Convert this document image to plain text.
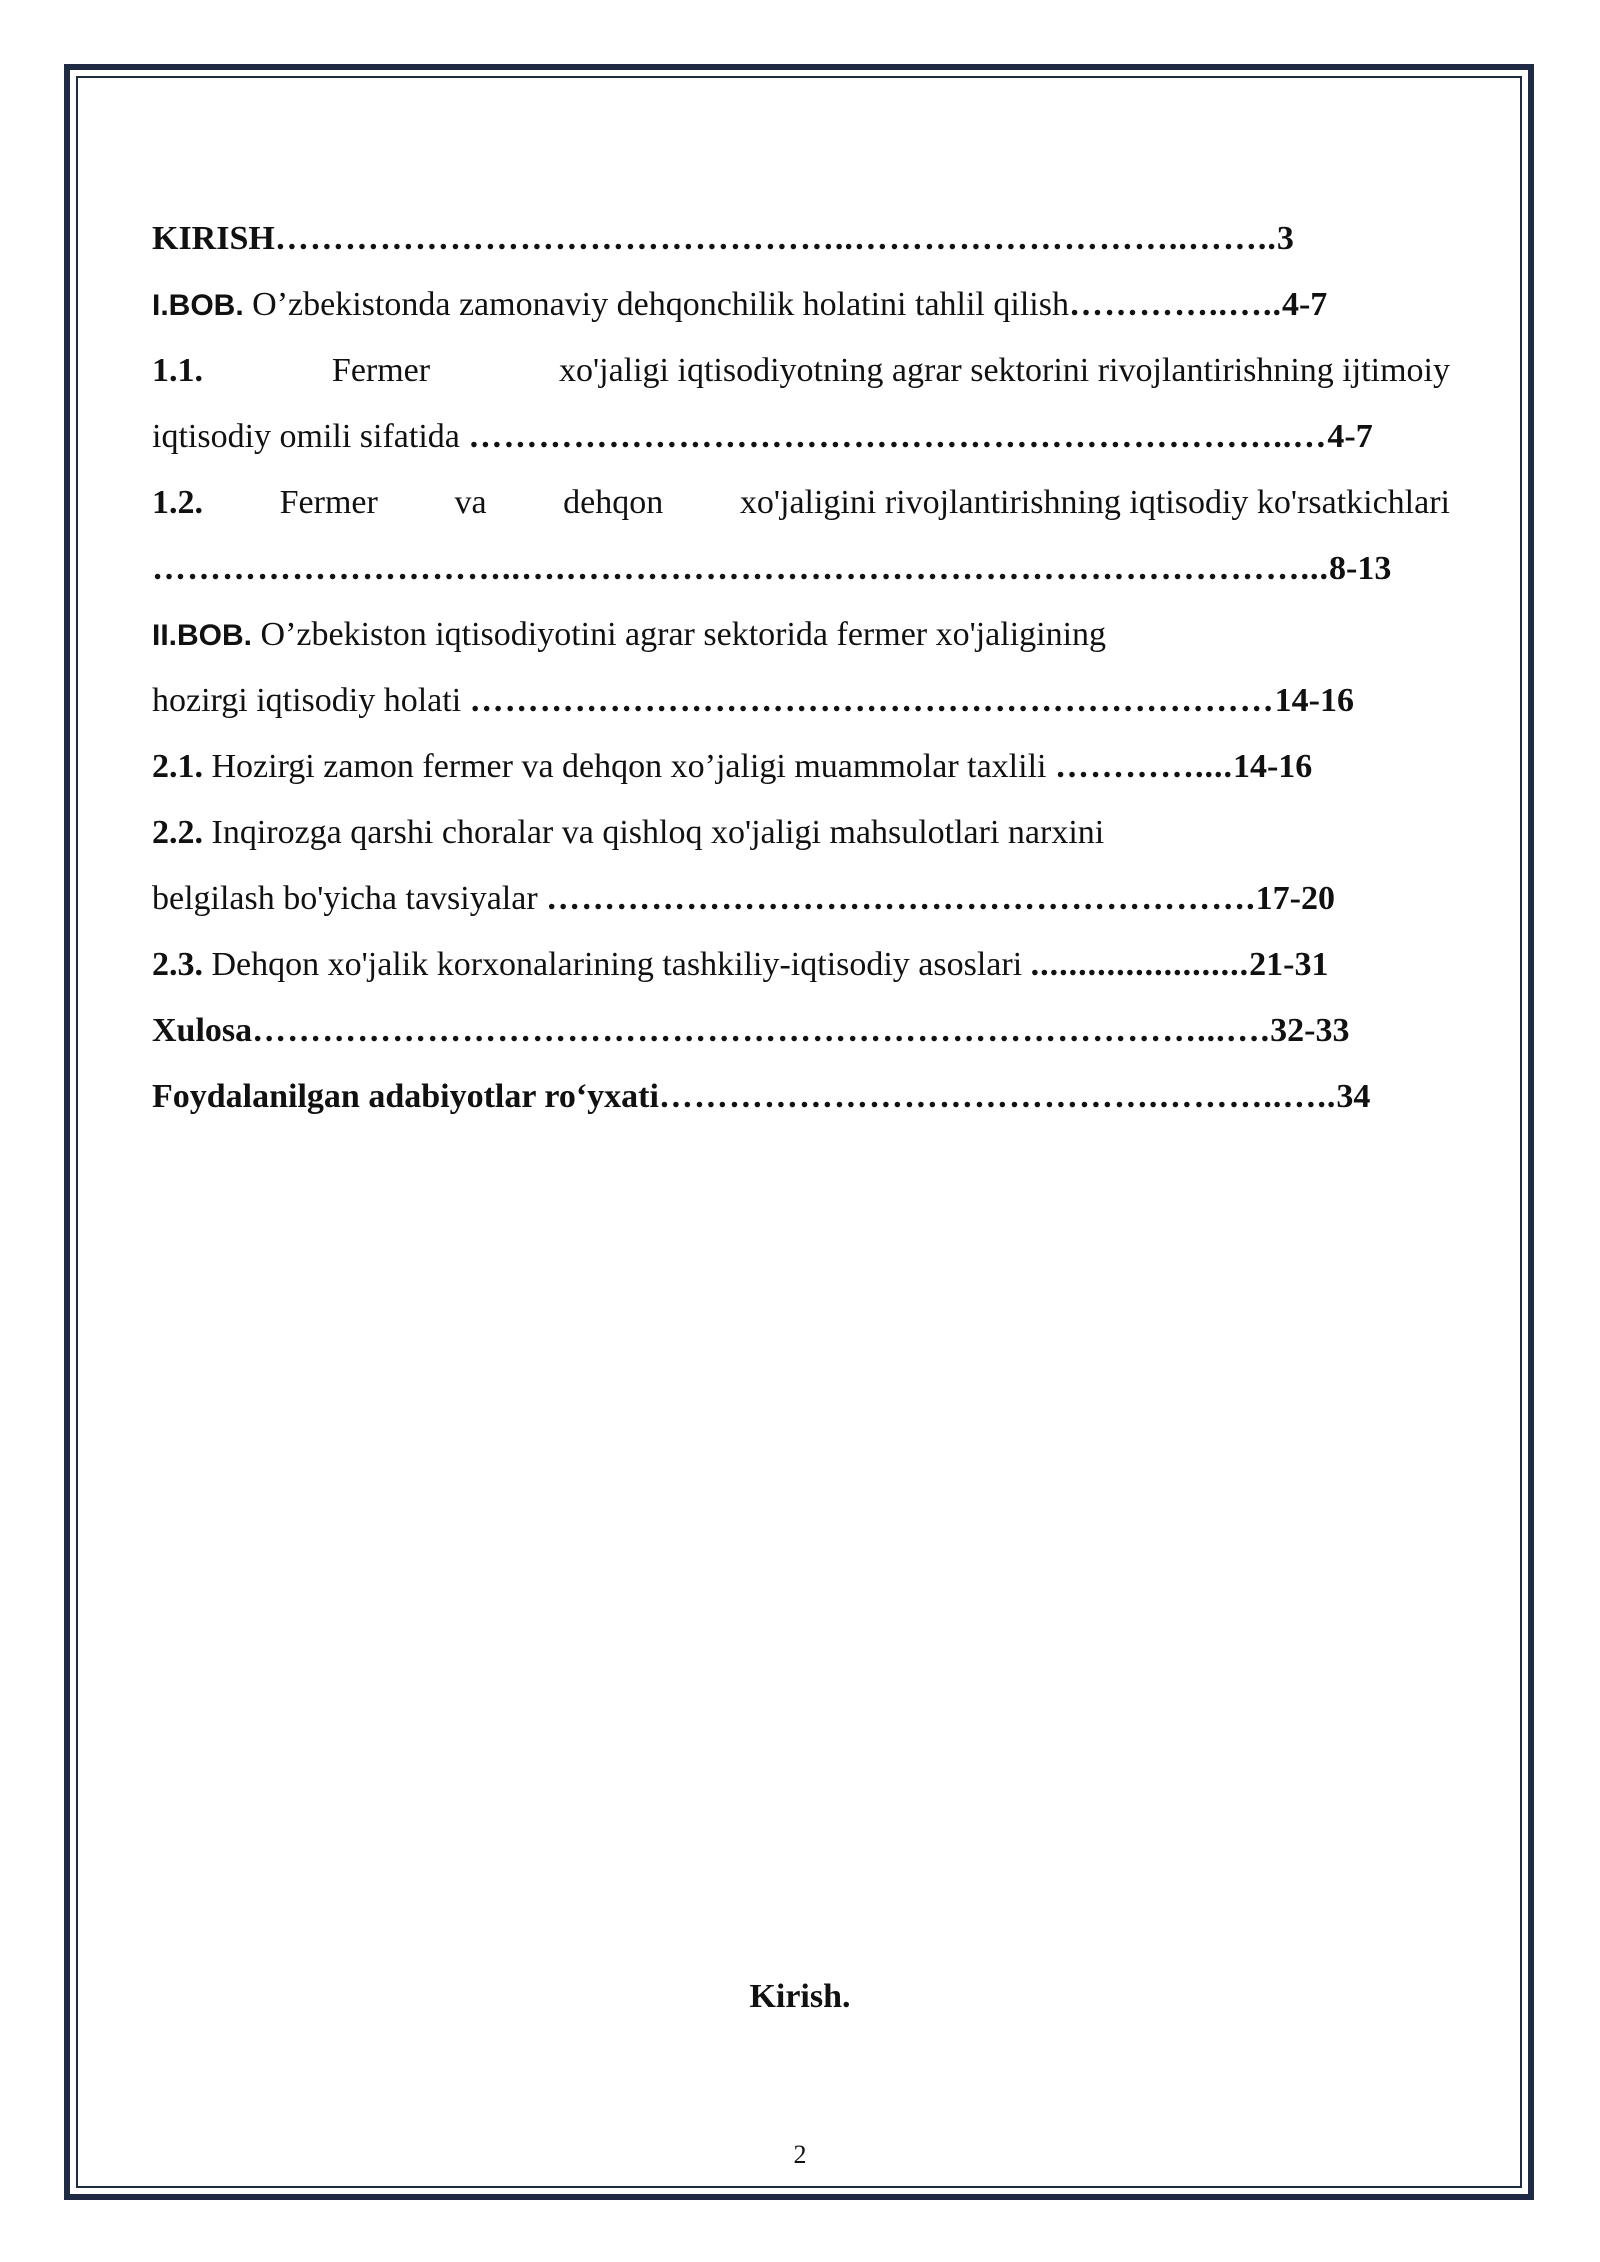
KIRISH…………………………………………..………………………..……..3
I.BOB. O’zbekistonda zamonaviy dehqonchilik holatini tahlil qilish…………..…..4-7
1.1.	Fermer	xo'jaligi iqtisodiyotning agrar sektorini rivojlantirishning ijtimoiy
iqtisodiy omili sifatida ……………………………………………………………..…4-7
1.2. Fermer va dehqon xo'jaligini rivojlantirishning iqtisodiy ko'rsatkichlari
…………………………..….………………………………………………………...8-13
II.BOB. O’zbekiston iqtisodiyotini agrar sektorida fermer xo'jaligining
hozirgi iqtisodiy holati ……………………………………………………………14-16
2.1. Hozirgi zamon fermer va dehqon xo’jaligi muammolar taxlili …………....14-16
2.2. Inqirozga qarshi choralar va qishloq xo'jaligi mahsulotlari narxini
belgilash bo'yicha tavsiyalar …………………………………………………….17-20
2.3. Dehqon xo'jalik korxonalarining tashkiliy-iqtisodiy asoslari .......................21-31
Xulosa………………………………………………………………………...….32-33
Foydalanilgan adabiyotlar ro‘yxati…………………………………….………..…..34
Kirish.
2
